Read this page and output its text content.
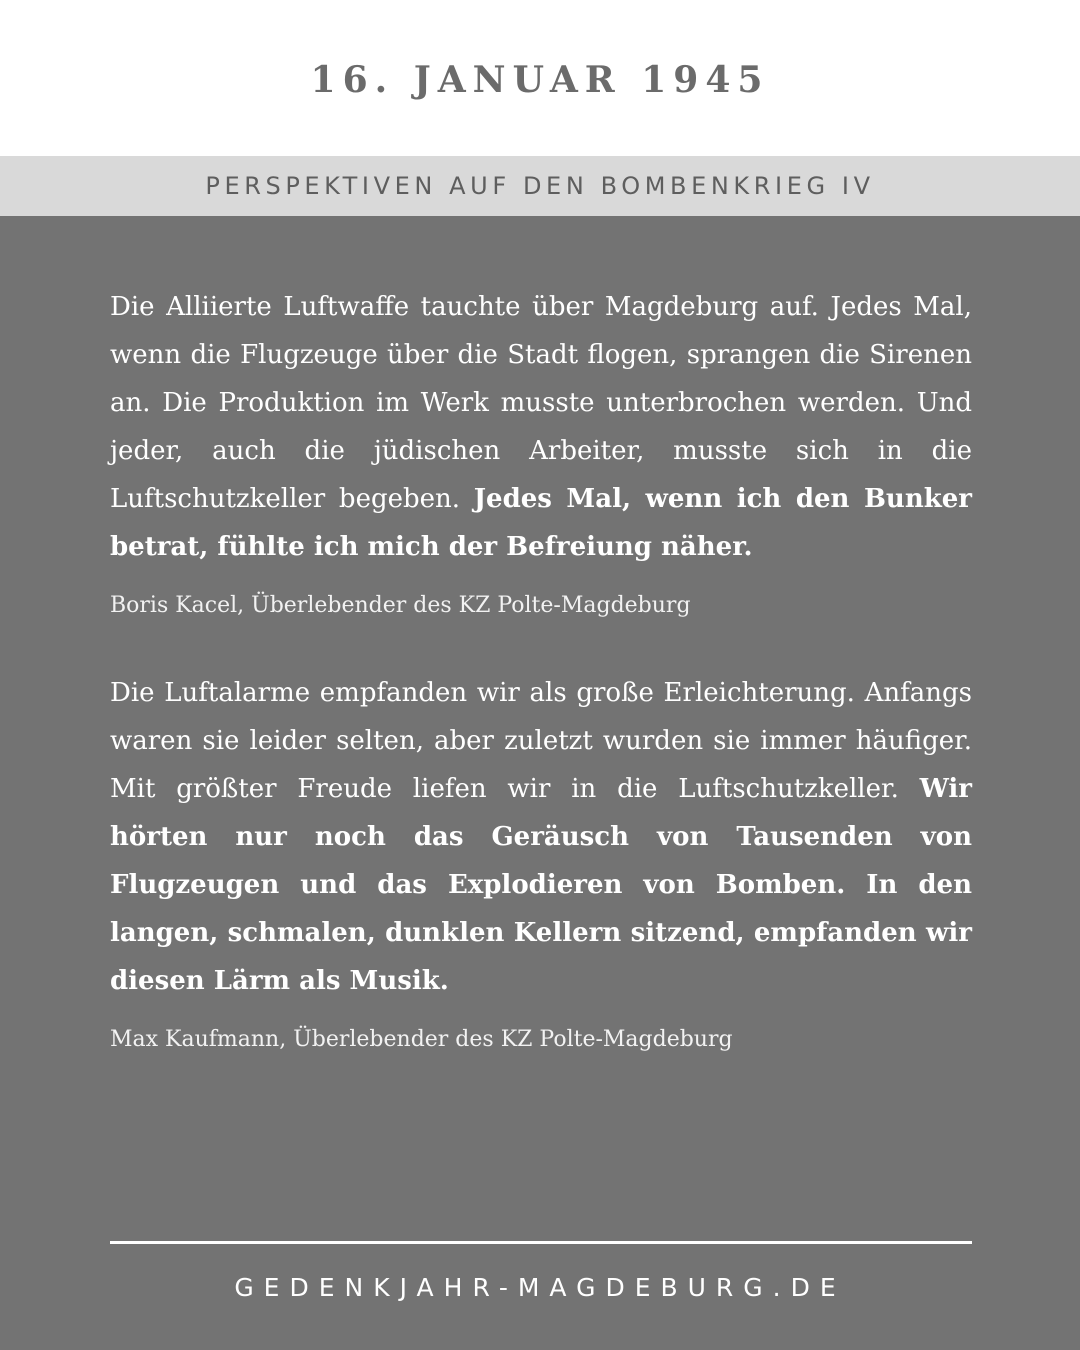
16. JANUAR 1945
PERSPEKTIVEN AUF DEN BOMBENKRIEG IV

Die Alliierte Luftwaffe tauchte über Magdeburg auf. Jedes Mal, wenn die Flugzeuge über die Stadt flogen, sprangen die Sirenen an. Die Produktion im Werk musste unterbrochen werden. Und jeder, auch die jüdischen Arbeiter, musste sich in die Luftschutzkeller begeben. Jedes Mal, wenn ich den Bunker betrat, fühlte ich mich der Befreiung näher.

Boris Kacel, Überlebender des KZ Polte-Magdeburg

Die Luftalarme empfanden wir als große Erleichterung. Anfangs waren sie leider selten, aber zuletzt wurden sie immer häufiger. Mit größter Freude liefen wir in die Luftschutzkeller. Wir hörten nur noch das Geräusch von Tausenden von Flugzeugen und das Explodieren von Bomben. In den langen, schmalen, dunklen Kellern sitzend, empfanden wir diesen Lärm als Musik.

Max Kaufmann, Überlebender des KZ Polte-Magdeburg

GEDENKJAHR-MAGDEBURG.DE
